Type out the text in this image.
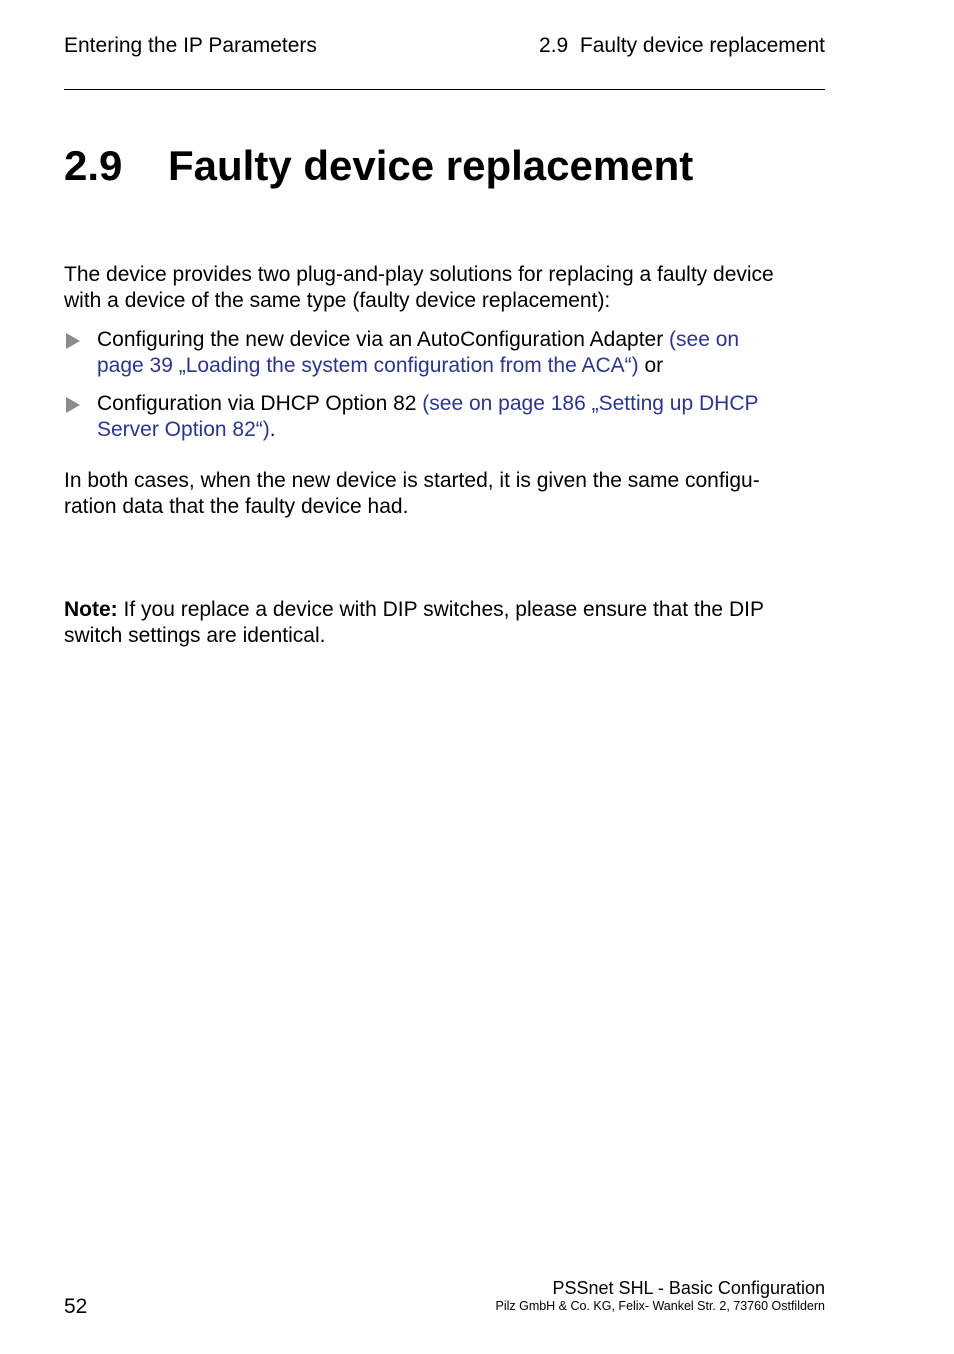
Entering the IP Parameters	2.9  Faulty device replacement
2.9 Faulty device replacement
The device provides two plug-and-play solutions for replacing a faulty device
with a device of the same type (faulty device replacement):
Configuring the new device via an AutoConfiguration Adapter (see on
page 39 „Loading the system configuration from the ACA“) or
Configuration via DHCP Option 82 (see on page 186 „Setting up DHCP
Server Option 82“).
In both cases, when the new device is started, it is given the same configu-
ration data that the faulty device had.
Note: If you replace a device with DIP switches, please ensure that the DIP
switch settings are identical.
52
PSSnet SHL - Basic Configuration
Pilz GmbH & Co. KG, Felix- Wankel Str. 2, 73760 Ostfildern
